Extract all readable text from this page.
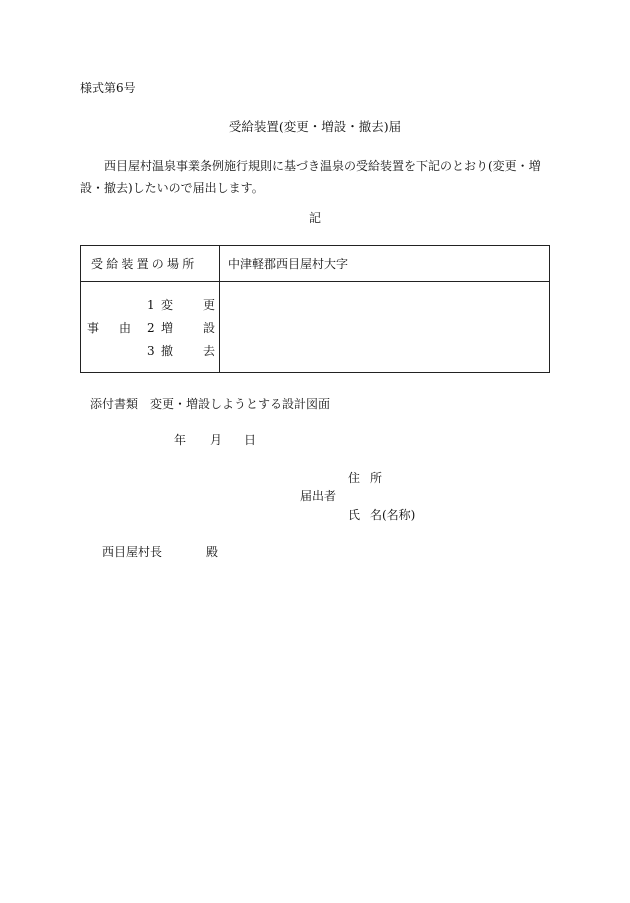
様式第6号
受給装置(変更・増設・撤去)届
西目屋村温泉事業条例施行規則に基づき温泉の受給装置を下記のとおり(変更・増設・撤去)したいので届出します。
記
受給装置の場所	中津軽郡西目屋村大字
事 由
1 変 更
2 増 設
3 撤 去
添付書類 変更・増設しようとする設計図面
年 月 日
住 所
届出者
氏 名(名称)
西目屋村長	殿
